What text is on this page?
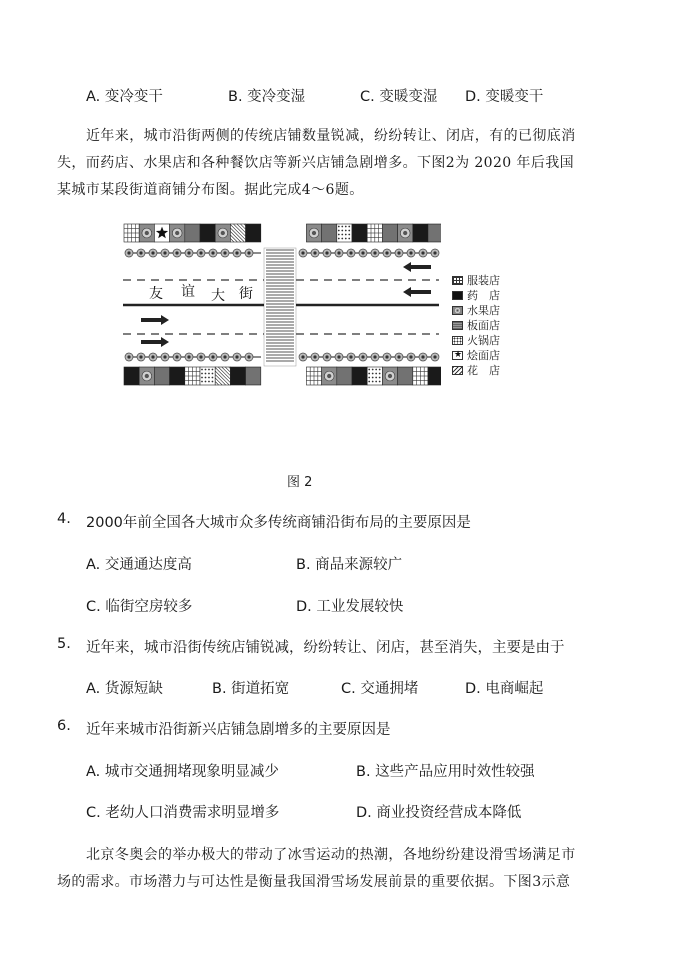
A. 变冷变干	B. 变冷变湿	C. 变暖变湿 D. 变暖变干
近年来，城市沿街两侧的传统店铺数量锐减，纷纷转让、闭店，有的已彻底消
失，而药店、水果店和各种餐饮店等新兴店铺急剧增多。下图2为 2020 年后我国
某城市某段街道商铺分布图。据此完成4～6题。
友 谊 大 街
服装店
药　店
水果店
板面店
火锅店
★ 烩面店
花　店
图 2
4. 2000年前全国各大城市众多传统商铺沿街布局的主要原因是
A. 交通通达度高	B. 商品来源较广
C. 临街空房较多	D. 工业发展较快
5. 近年来，城市沿街传统店铺锐减，纷纷转让、闭店，甚至消失，主要是由于
A. 货源短缺	B. 街道拓宽	C. 交通拥堵	D. 电商崛起
6. 近年来城市沿街新兴店铺急剧增多的主要原因是
A. 城市交通拥堵现象明显减少	B. 这些产品应用时效性较强
C. 老幼人口消费需求明显增多	D. 商业投资经营成本降低
北京冬奥会的举办极大的带动了冰雪运动的热潮，各地纷纷建设滑雪场满足市
场的需求。市场潜力与可达性是衡量我国滑雪场发展前景的重要依据。下图3示意
